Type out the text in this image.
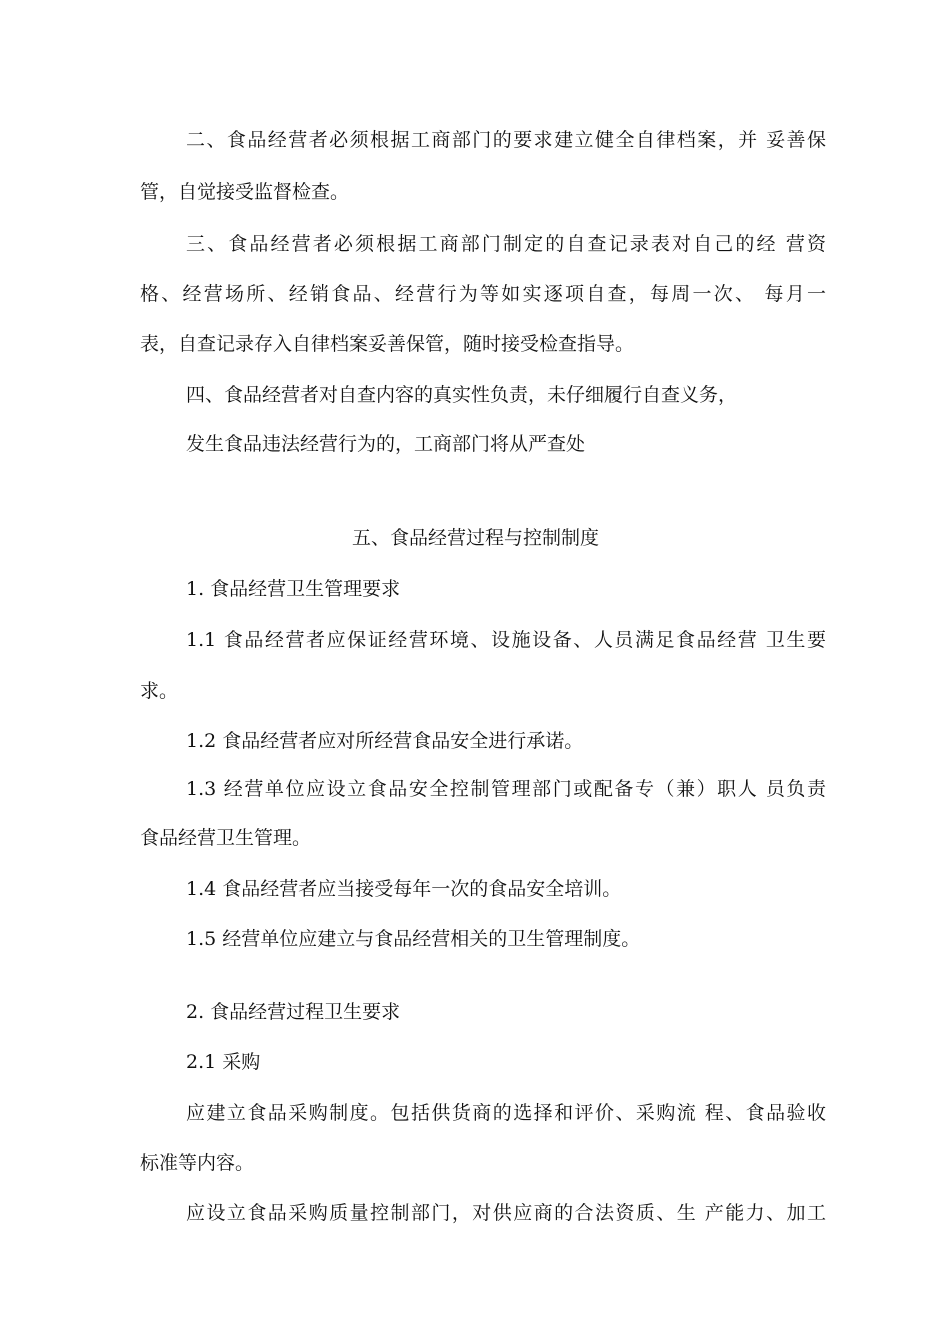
二、食品经营者必须根据工商部门的要求建立健全自律档案，并 妥善保
管，自觉接受监督检查。
三、食品经营者必须根据工商部门制定的自查记录表对自己的经 营资
格、经营场所、经销食品、经营行为等如实逐项自查，每周一次、 每月一
表，自查记录存入自律档案妥善保管，随时接受检查指导。
四、食品经营者对自查内容的真实性负责，未仔细履行自查义务，
发生食品违法经营行为的，工商部门将从严查处
五、食品经营过程与控制制度
1. 食品经营卫生管理要求
1.1 食品经营者应保证经营环境、设施设备、人员满足食品经营 卫生要
求。
1.2 食品经营者应对所经营食品安全进行承诺。
1.3 经营单位应设立食品安全控制管理部门或配备专（兼）职人 员负责
食品经营卫生管理。
1.4 食品经营者应当接受每年一次的食品安全培训。
1.5 经营单位应建立与食品经营相关的卫生管理制度。
2. 食品经营过程卫生要求
2.1 采购
应建立食品采购制度。包括供货商的选择和评价、采购流 程、食品验收
标准等内容。
应设立食品采购质量控制部门，对供应商的合法资质、生 产能力、加工
